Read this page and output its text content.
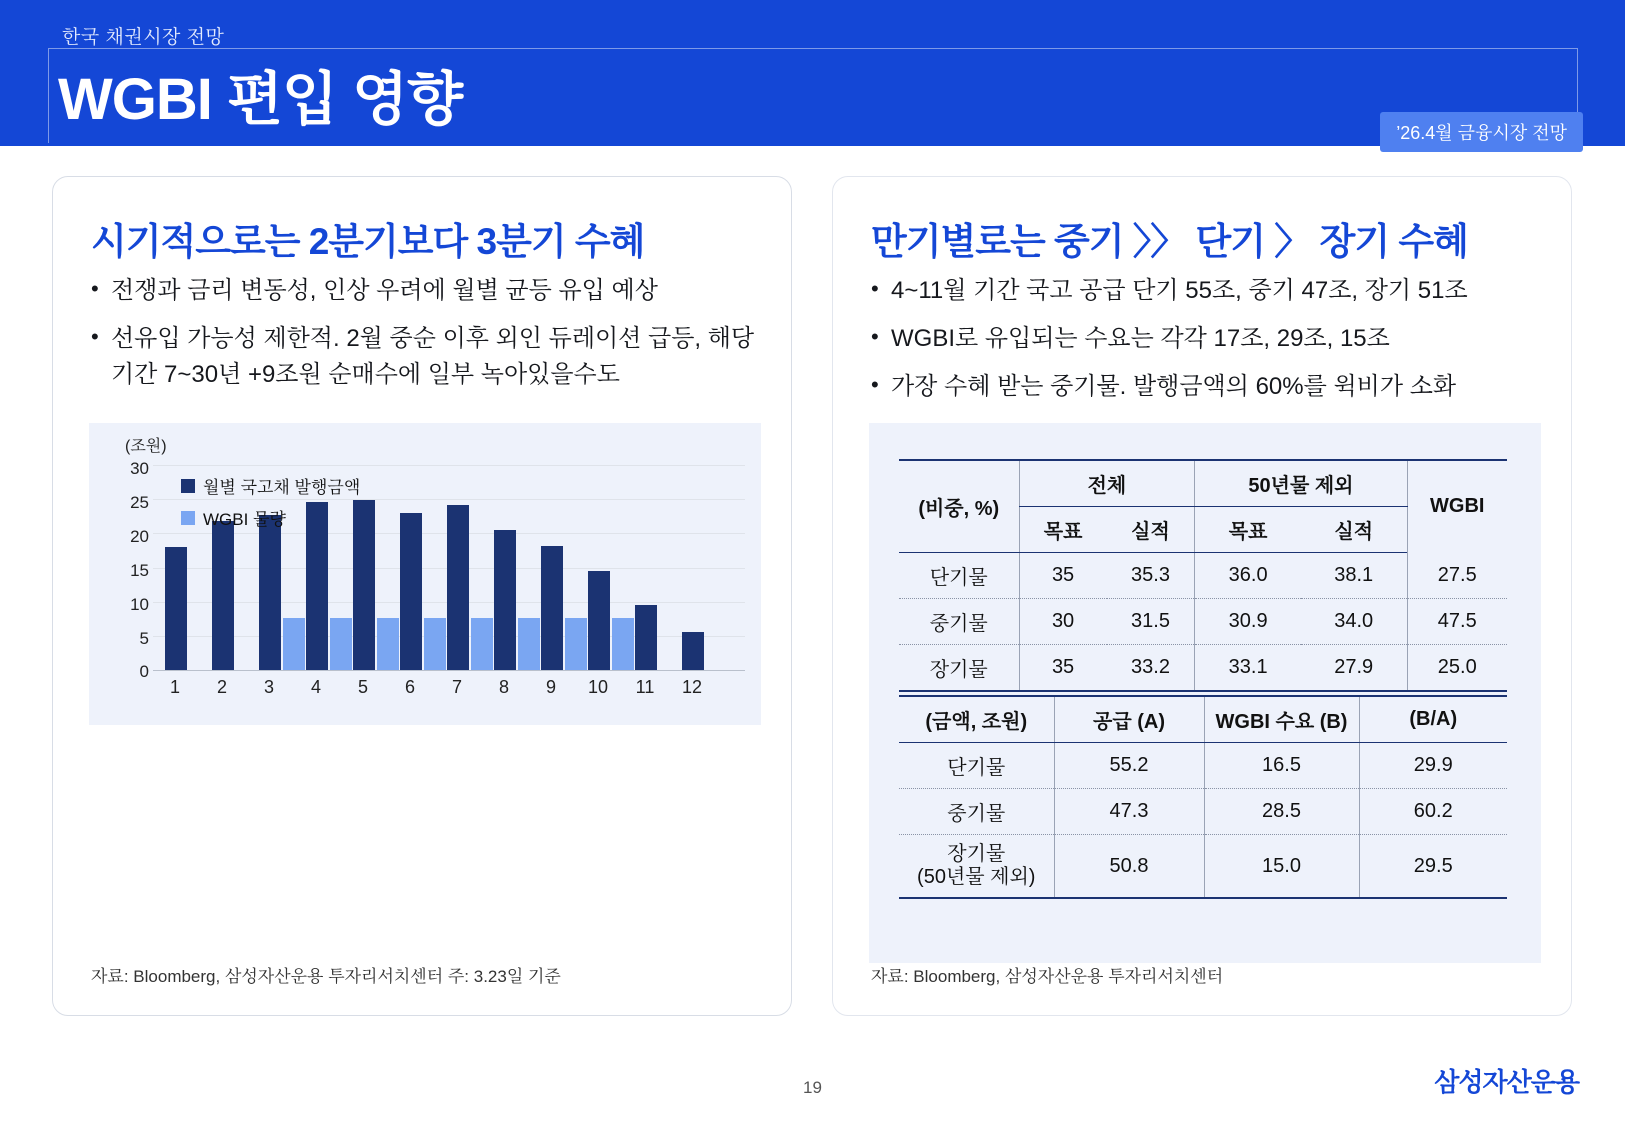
한국 채권시장 전망
WGBI 편입 영향
’26.4월 금융시장 전망
시기적으로는 2분기보다 3분기 수혜
• 전쟁과 금리 변동성, 인상 우려에 월별 균등 유입 예상
• 선유입 가능성 제한적. 2월 중순 이후 외인 듀레이션 급등, 해당 기간 7~30년 +9조원 순매수에 일부 녹아있을수도
(조원)
30
25
20
15
10
5
0
월별 국고채 발행금액
WGBI 물량
1	2	3	4	5	6	7	8	9	10	11	12
자료: Bloomberg, 삼성자산운용 투자리서치센터 주: 3.23일 기준
만기별로는 중기 〉〉 단기 〉 장기 수혜
• 4~11월 기간 국고 공급 단기 55조, 중기 47조, 장기 51조
• WGBI로 유입되는 수요는 각각 17조, 29조, 15조
• 가장 수혜 받는 중기물. 발행금액의 60%를 윅비가 소화
(비중, %)	전체		50년물 제외		WGBI
	목표	실적	목표	실적	
단기물	35	35.3	36.0	38.1	27.5
중기물	30	31.5	30.9	34.0	47.5
장기물	35	33.2	33.1	27.9	25.0
(금액, 조원)	공급 (A)	WGBI 수요 (B)	(B/A)
단기물	55.2	16.5	29.9
중기물	47.3	28.5	60.2
장기물
(50년물 제외)	50.8	15.0	29.5
자료: Bloomberg, 삼성자산운용 투자리서치센터
19	삼성자산운용
